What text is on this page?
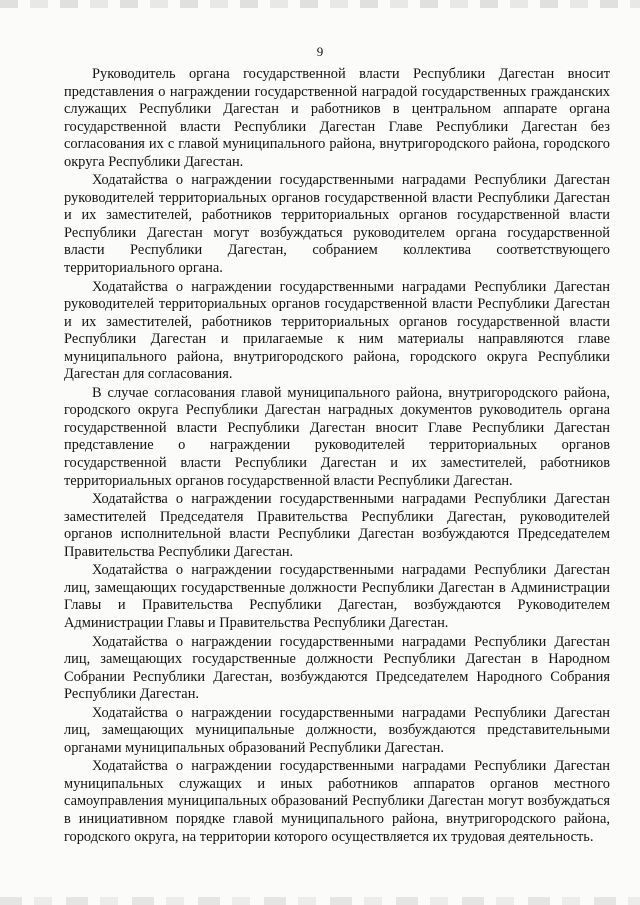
9

Руководитель органа государственной власти Республики Дагестан вносит представления о награждении государственной наградой государственных гражданских служащих Республики Дагестан и работников в центральном аппарате органа государственной власти Республики Дагестан Главе Республики Дагестан без согласования их с главой муниципального района, внутригородского района, городского округа Республики Дагестан.

Ходатайства о награждении государственными наградами Республики Дагестан руководителей территориальных органов государственной власти Республики Дагестан и их заместителей, работников территориальных органов государственной власти Республики Дагестан могут возбуждаться руководителем органа государственной власти Республики Дагестан, собранием коллектива соответствующего территориального органа.

Ходатайства о награждении государственными наградами Республики Дагестан руководителей территориальных органов государственной власти Республики Дагестан и их заместителей, работников территориальных органов государственной власти Республики Дагестан и прилагаемые к ним материалы направляются главе муниципального района, внутригородского района, городского округа Республики Дагестан для согласования.

В случае согласования главой муниципального района, внутригородского района, городского округа Республики Дагестан наградных документов руководитель органа государственной власти Республики Дагестан вносит Главе Республики Дагестан представление о награждении руководителей территориальных органов государственной власти Республики Дагестан и их заместителей, работников территориальных органов государственной власти Республики Дагестан.

Ходатайства о награждении государственными наградами Республики Дагестан заместителей Председателя Правительства Республики Дагестан, руководителей органов исполнительной власти Республики Дагестан возбуждаются Председателем Правительства Республики Дагестан.

Ходатайства о награждении государственными наградами Республики Дагестан лиц, замещающих государственные должности Республики Дагестан в Администрации Главы и Правительства Республики Дагестан, возбуждаются Руководителем Администрации Главы и Правительства Республики Дагестан.

Ходатайства о награждении государственными наградами Республики Дагестан лиц, замещающих государственные должности Республики Дагестан в Народном Собрании Республики Дагестан, возбуждаются Председателем Народного Собрания Республики Дагестан.

Ходатайства о награждении государственными наградами Республики Дагестан лиц, замещающих муниципальные должности, возбуждаются представительными органами муниципальных образований Республики Дагестан.

Ходатайства о награждении государственными наградами Республики Дагестан муниципальных служащих и иных работников аппаратов органов местного самоуправления муниципальных образований Республики Дагестан могут возбуждаться в инициативном порядке главой муниципального района, внутригородского района, городского округа, на территории которого осуществляется их трудовая деятельность.
